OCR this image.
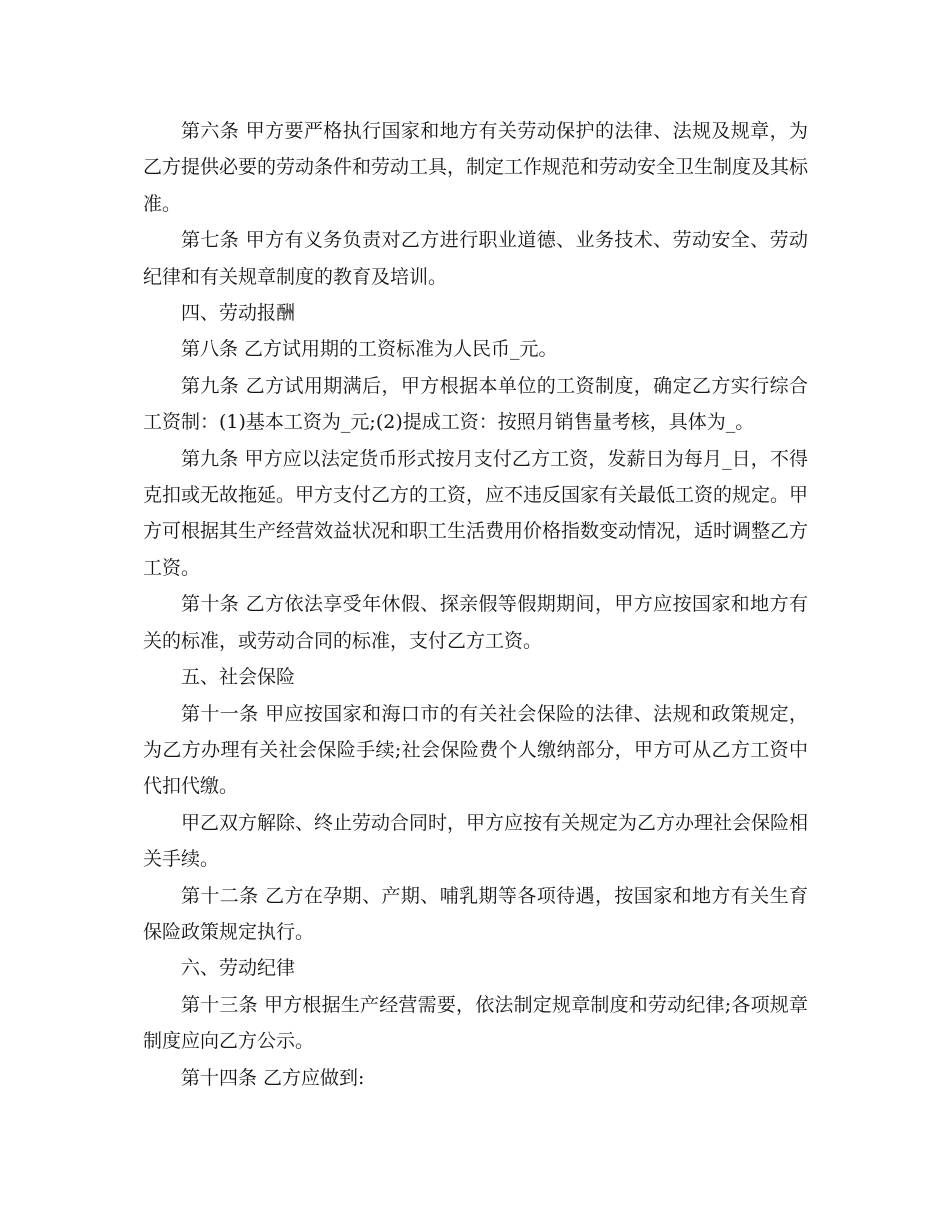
第六条 甲方要严格执行国家和地方有关劳动保护的法律、法规及规章，为乙方提供必要的劳动条件和劳动工具，制定工作规范和劳动安全卫生制度及其标准。

第七条 甲方有义务负责对乙方进行职业道德、业务技术、劳动安全、劳动纪律和有关规章制度的教育及培训。

四、劳动报酬

第八条 乙方试用期的工资标准为人民币_元。

第九条 乙方试用期满后，甲方根据本单位的工资制度，确定乙方实行综合工资制：(1)基本工资为_元;(2)提成工资：按照月销售量考核，具体为_。

第九条 甲方应以法定货币形式按月支付乙方工资，发薪日为每月_日，不得克扣或无故拖延。甲方支付乙方的工资，应不违反国家有关最低工资的规定。甲方可根据其生产经营效益状况和职工生活费用价格指数变动情况，适时调整乙方工资。

第十条 乙方依法享受年休假、探亲假等假期期间，甲方应按国家和地方有关的标准，或劳动合同的标准，支付乙方工资。

五、社会保险

第十一条 甲应按国家和海口市的有关社会保险的法律、法规和政策规定，为乙方办理有关社会保险手续;社会保险费个人缴纳部分，甲方可从乙方工资中代扣代缴。

甲乙双方解除、终止劳动合同时，甲方应按有关规定为乙方办理社会保险相关手续。

第十二条 乙方在孕期、产期、哺乳期等各项待遇，按国家和地方有关生育保险政策规定执行。

六、劳动纪律

第十三条 甲方根据生产经营需要，依法制定规章制度和劳动纪律;各项规章制度应向乙方公示。

第十四条 乙方应做到:
